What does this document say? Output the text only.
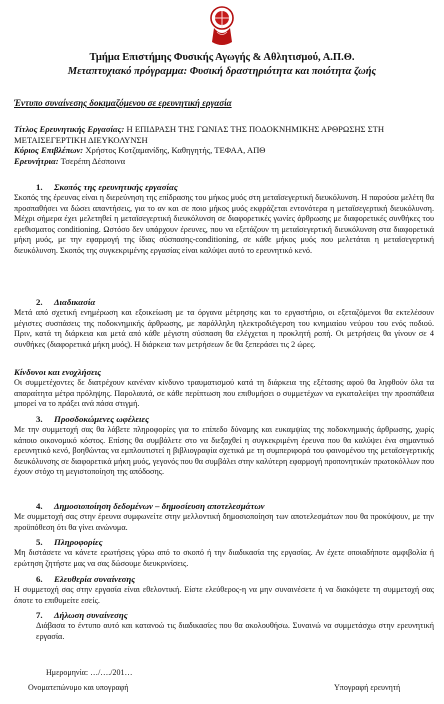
Τμήμα Επιστήμης Φυσικής Αγωγής & Αθλητισμού, Α.Π.Θ.
Μεταπτυχιακό πρόγραμμα: Φυσική δραστηριότητα και ποιότητα ζωής
Έντυπο συναίνεσης δοκιμαζόμενου σε ερευνητική εργασία
Τίτλος Ερευνητικής Εργασίας: Η ΕΠΙΔΡΑΣΗ ΤΗΣ ΓΩΝΙΑΣ ΤΗΣ ΠΟΔΟΚΝΗΜΙΚΗΣ ΑΡΘΡΩΣΗΣ ΣΤΗ ΜΕΤΑΙΣΕΓΕΡΤΙΚΗ ΔΙΕΥΚΟΛΥΝΣΗ
Κύριος Επιβλέπων: Χρήστος Κοτζαμανίδης, Καθηγητής, ΤΕΦΑΑ, ΑΠΘ
Ερευνήτρια: Τσερέπη Δέσποινα
1. Σκοπός της ερευνητικής εργασίας
Σκοπός της έρευνας είναι η διερεύνηση της επίδρασης του μήκος μυός στη μεταϊσεγερτική διευκόλυνση. Η παρούσα μελέτη θα προσπαθήσει να δώσει απαντήσεις, για το αν και σε ποιο μήκος μυός εκφράζεται εντονότερα η μεταϊσεγερτική διευκόλυνση. Μέχρι σήμερα έχει μελετηθεί η μεταϊσεγερτική διευκόλυνση σε διαφορετικές γωνίες άρθρωσης με διαφορετικές συνθήκες του ερεθισματος conditioning. Ωστόσο δεν υπάρχουν έρευνες, που να εξετάζουν τη μεταϊσεγερτική διευκόλυνση στα διαφορετικά μήκη μυός, με την εφαρμογή της ίδιας σύσπασης-conditioning, σε κάθε μήκος μυός που μελετάται η μεταϊσεγερτική διευκόλυνση. Σκοπός της συγκεκριμένης εργασίας είναι καλύψει αυτό το ερευνητικό κενό.
2. Διαδικασία
Μετά από σχετική ενημέρωση και εξοικείωση με τα όργανα μέτρησης και το εργαστήριο, οι εξεταζόμενοι θα εκτελέσουν μέγιστες συσπάσεις της ποδοκνημικής άρθρωσης, με παράλληλη ηλεκτροδιέγερση του κνημιαίου νεύρου του ενός ποδιού. Πριν, κατά τη διάρκεια και μετά από κάθε μέγιστη σύσπαση θα ελέγχεται η προκλητή ροπή. Οι μετρήσεις θα γίνουν σε 4 συνθήκες (διαφορετικά μήκη μυός). Η διάρκεια των μετρήσεων δε θα ξεπεράσει τις 2 ώρες.
Κίνδυνοι και ενοχλήσεις
Οι συμμετέχοντες δε διατρέχουν κανέναν κίνδυνο τραυματισμού κατά τη διάρκεια της εξέτασης αφού θα ληφθούν όλα τα απαραίτητα μέτρα πρόληψης. Παρολαυτά, σε κάθε περίπτωση που επιθυμήσει ο συμμετέχων να εγκαταλείψει την προσπάθεια μπορεί να το πράξει ανά πάσα στιγμή.
3. Προσδοκώμενες ωφέλειες
Με την συμμετοχή σας θα λάβετε πληροφορίες για το επίπεδο δύναμης και ευκαμψίας της ποδοκνημικής άρθρωσης, χωρίς κάποιο οικονομικό κόστος. Επίσης θα συμβάλετε στο να διεξαχθεί η συγκεκριμένη έρευνα που θα καλύψει ένα σημαντικό ερευνητικό κενό, βοηθώντας να εμπλουτιστεί η βιβλιογραφία σχετικά με τη συμπεριφορά του φαινομένου της μεταϊσεγερτικής διευκόλυνσης σε διαφορετικά μήκη μυός, γεγονός που θα συμβάλει στην καλύτερη εφαρμογή προπονητικών πρωτοκόλλων που έχουν στόχο τη μεγιστοποίηση της απόδοσης.
4. Δημοσιοποίηση δεδομένων – δημοσίευση αποτελεσμάτων
Με συμμετοχή σας στην έρευνα συμφωνείτε στην μελλοντική δημοσιοποίηση των αποτελεσμάτων που θα προκύψουν, με την προϋπόθεση ότι θα γίνει ανώνυμα.
5. Πληροφορίες
Μη διστάσετε να κάνετε ερωτήσεις γύρω από το σκοπό ή την διαδικασία της εργασίας. Αν έχετε οποιαδήποτε αμφιβολία ή ερώτηση ζητήστε μας να σας δώσουμε διευκρινίσεις.
6. Ελευθερία συναίνεσης
Η συμμετοχή σας στην εργασία είναι εθελοντική. Είστε ελεύθερος-η να μην συναινέσετε ή να διακόψετε τη συμμετοχή σας όποτε το επιθυμείτε εσείς.
7. Δήλωση συναίνεσης
Διάβασα το έντυπο αυτό και κατανοώ τις διαδικασίες που θα ακολουθήσω. Συναινώ να συμμετάσχω στην ερευνητική εργασία.
Ημερομηνία: …/…./201…
Ονοματεπώνυμο και υπογραφή	Υπογραφή ερευνητή
